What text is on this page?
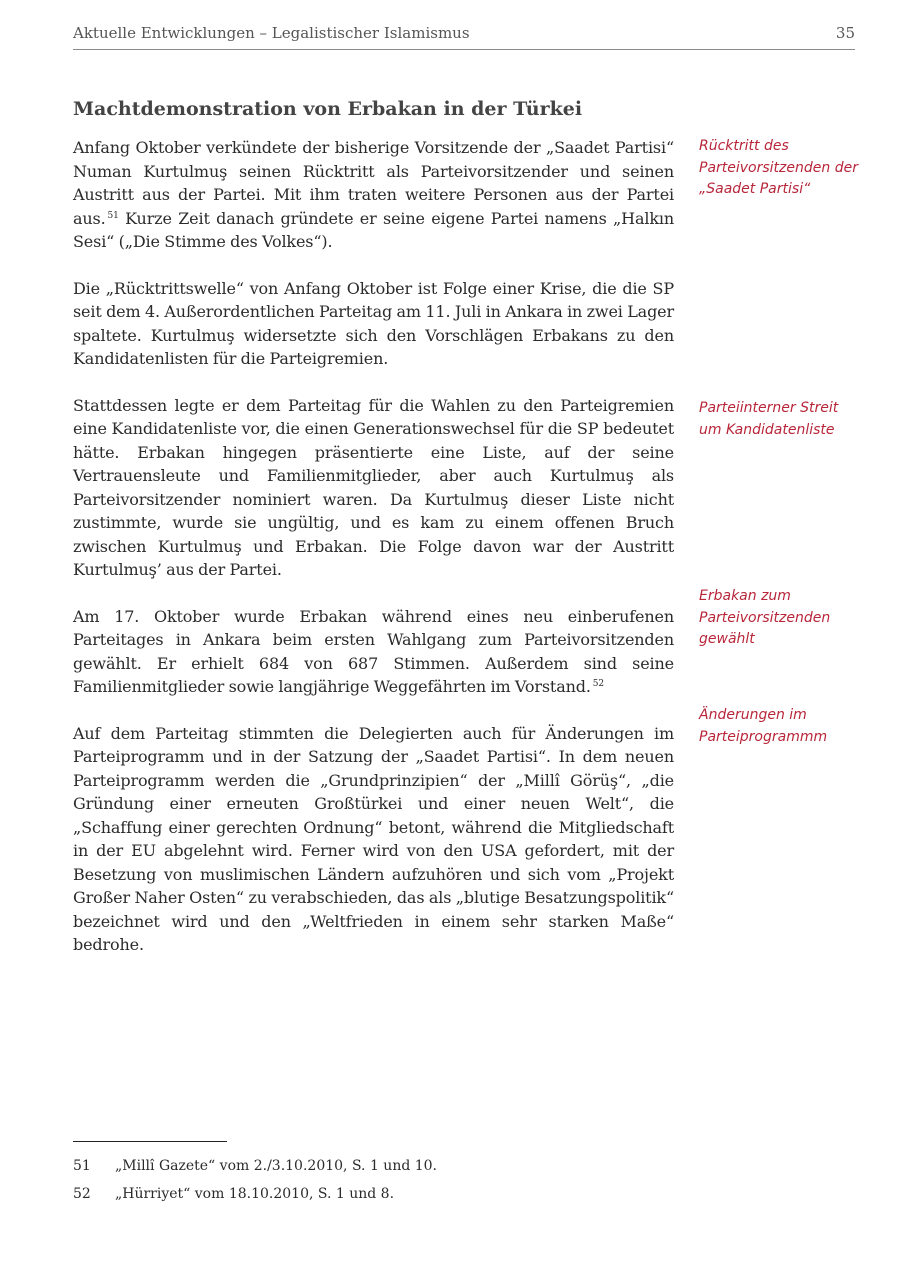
Aktuelle Entwicklungen – Legalistischer Islamismus	35
Machtdemonstration von Erbakan in der Türkei

Anfang Oktober verkündete der bisherige Vorsitzende der „Saadet Partisi“ Numan Kurtulmuş seinen Rücktritt als Parteivorsitzender und seinen Austritt aus der Partei. Mit ihm traten weitere Personen aus der Partei aus. $^{51}$ Kurze Zeit danach gründete er seine eigene Partei namens „Halkın Sesi“ („Die Stimme des Volkes“).

Die „Rücktrittswelle“ von Anfang Oktober ist Folge einer Krise, die die SP seit dem 4. Außerordentlichen Parteitag am 11. Juli in Ankara in zwei Lager spaltete. Kurtulmuş widersetzte sich den Vorschlägen Erbakans zu den Kandidatenlisten für die Parteigremien.

Stattdessen legte er dem Parteitag für die Wahlen zu den Parteigremien eine Kandidatenliste vor, die einen Generationswechsel für die SP bedeutet hätte. Erbakan hingegen präsentierte eine Liste, auf der seine Vertrauensleute und Familienmitglieder, aber auch Kurtulmuş als Parteivorsitzender nominiert waren. Da Kurtulmuş dieser Liste nicht zustimmte, wurde sie ungültig, und es kam zu einem offenen Bruch zwischen Kurtulmuş und Erbakan. Die Folge davon war der Austritt Kurtulmuş’ aus der Partei.

Am 17. Oktober wurde Erbakan während eines neu einberufenen Parteitages in Ankara beim ersten Wahlgang zum Parteivorsitzenden gewählt. Er erhielt 684 von 687 Stimmen. Außerdem sind seine Familienmitglieder sowie langjährige Weggefährten im Vorstand. $^{52}$

Auf dem Parteitag stimmten die Delegierten auch für Änderungen im Parteiprogramm und in der Satzung der „Saadet Partisi“. In dem neuen Parteiprogramm werden die „Grundprinzipien“ der „Millî Görüş“, „die Gründung einer erneuten Großtürkei und einer neuen Welt“, die „Schaffung einer gerechten Ordnung“ betont, während die Mitgliedschaft in der EU abgelehnt wird. Ferner wird von den USA gefordert, mit der Besetzung von muslimischen Ländern aufzuhören und sich vom „Projekt Großer Naher Osten“ zu verabschieden, das als „blutige Besatzungspolitik“ bezeichnet wird und den „Weltfrieden in einem sehr starken Maße“ bedrohe.

Rücktritt des Parteivorsitzenden der „Saadet Partisi“

Parteiinterner Streit um Kandidatenliste

Erbakan zum Parteivorsitzenden gewählt

Änderungen im Parteiprogrammm

51 „Millî Gazete“ vom 2./3.10.2010, S. 1 und 10.
52 „Hürriyet“ vom 18.10.2010, S. 1 und 8.
